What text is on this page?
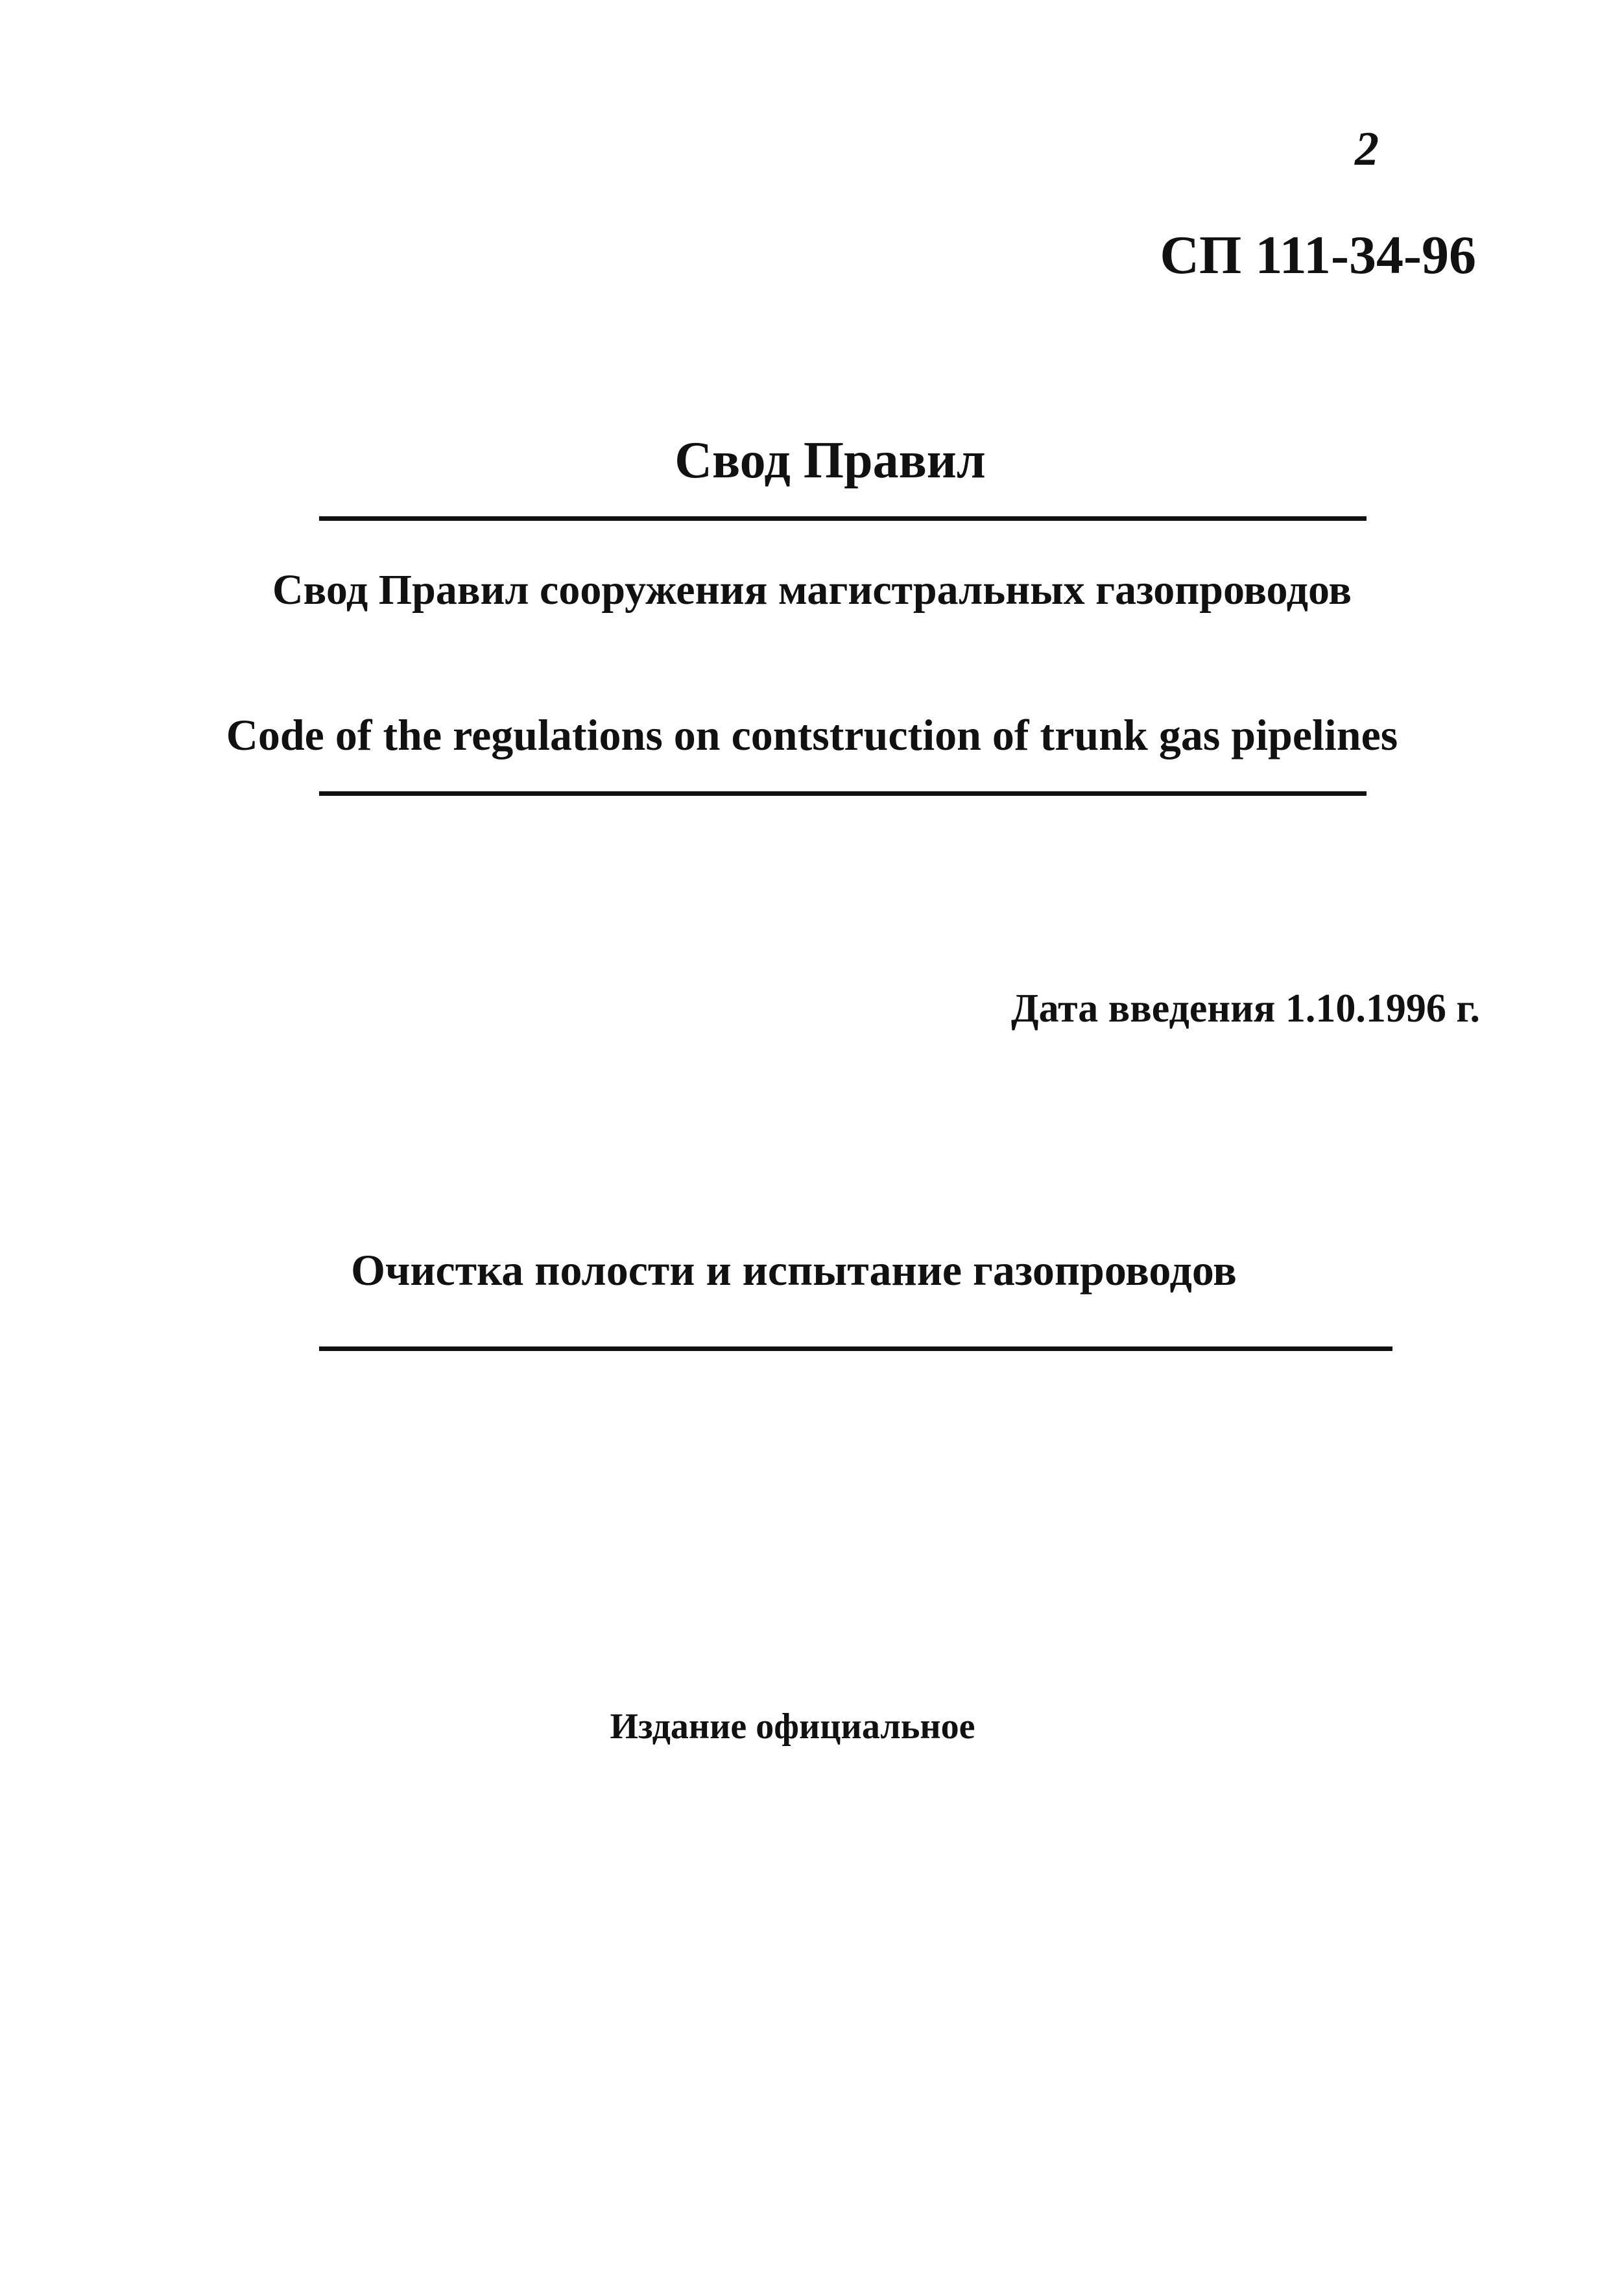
2
СП 111-34-96
Свод Правил
Свод Правил сооружения магистральных газопроводов
Code of the regulations on contstruction of trunk gas pipelines
Дата введения 1.10.1996 г.
Очистка полости и испытание газопроводов
Издание официальное
